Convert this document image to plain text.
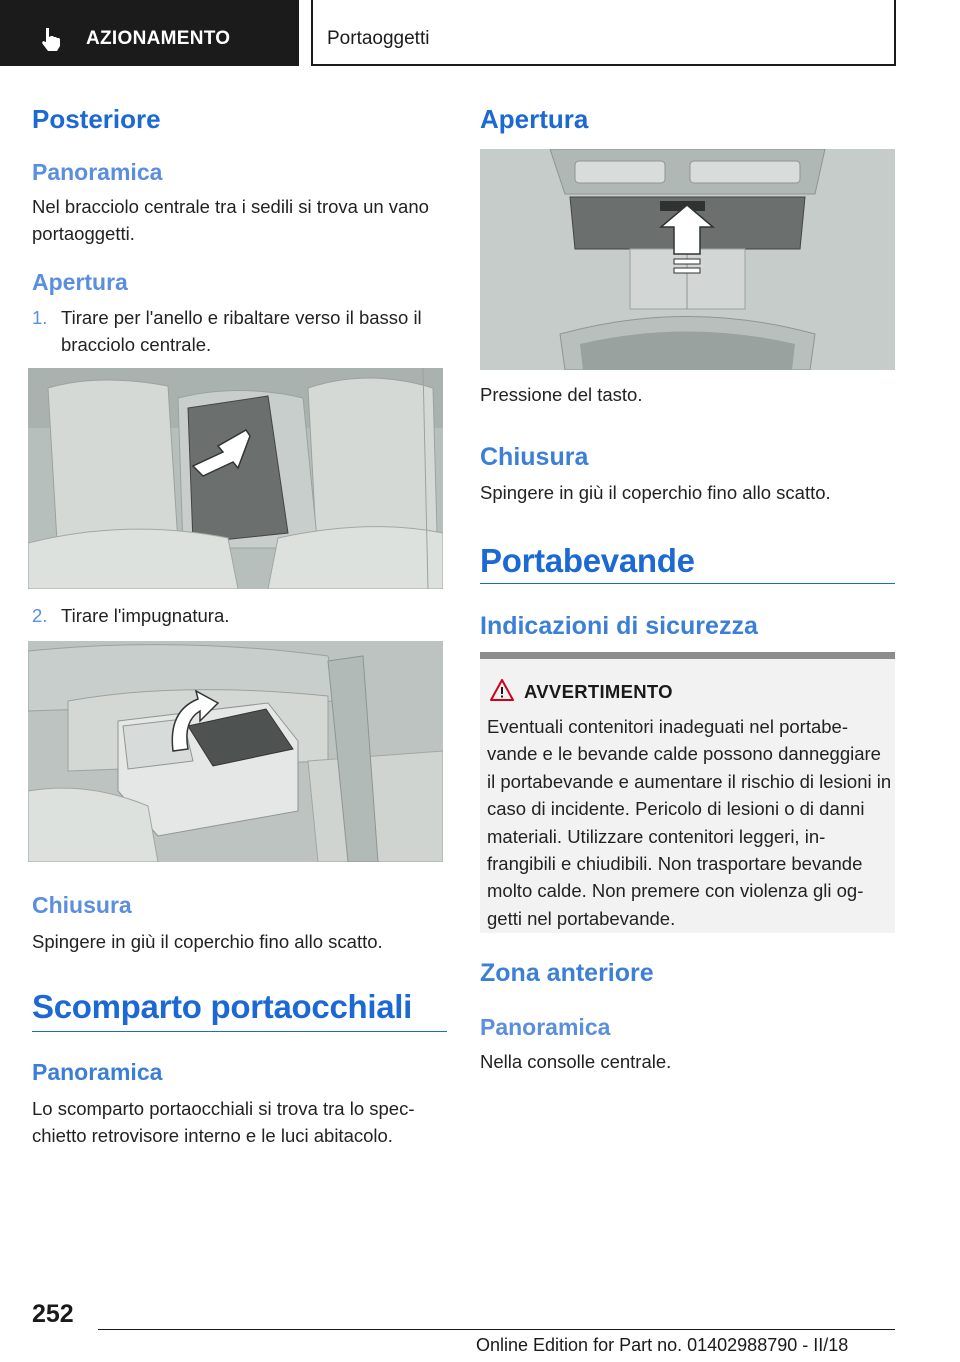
AZIONAMENTO	Portaoggetti
Posteriore
Panoramica
Nel bracciolo centrale tra i sedili si trova un vano portaoggetti.
Apertura
1. Tirare per l'anello e ribaltare verso il basso il bracciolo centrale.
2. Tirare l'impugnatura.
Chiusura
Spingere in giù il coperchio fino allo scatto.
Scomparto portaocchiali
Panoramica
Lo scomparto portaocchiali si trova tra lo spec-chietto retrovisore interno e le luci abitacolo.
Apertura
Pressione del tasto.
Chiusura
Spingere in giù il coperchio fino allo scatto.
Portabevande
Indicazioni di sicurezza
AVVERTIMENTO
Eventuali contenitori inadeguati nel portabe-vande e le bevande calde possono danneggiare il portabevande e aumentare il rischio di lesioni in caso di incidente. Pericolo di lesioni o di danni materiali. Utilizzare contenitori leggeri, in-frangibili e chiudibili. Non trasportare bevande molto calde. Non premere con violenza gli og-getti nel portabevande.
Zona anteriore
Panoramica
Nella consolle centrale.
252
Online Edition for Part no. 01402988790 - II/18
